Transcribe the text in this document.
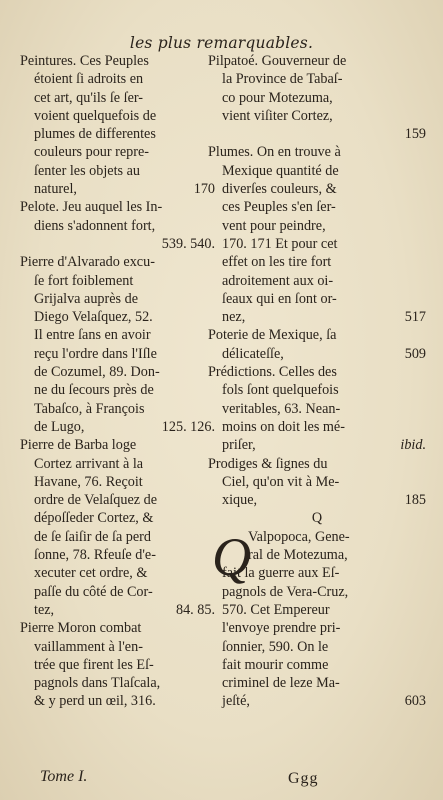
les plus remarquables.
Peintures. Ces Peuples
étoient ſi adroits en
cet art, qu'ils ſe ſer-
voient quelquefois de
plumes de differentes
couleurs pour repre-
ſenter les objets au
naturel,	170
Pelote. Jeu auquel les In-
diens s'adonnent fort,
539. 540.
Pierre d'Alvarado excu-
ſe fort foiblement
Grijalva auprès de
Diego Velaſquez, 52.
Il entre ſans en avoir
reçu l'ordre dans l'Iſle
de Cozumel, 89. Don-
ne du ſecours près de
Tabaſco, à François
de Lugo,	125. 126.
Pierre de Barba loge
Cortez arrivant à la
Havane, 76. Reçoit
ordre de Velaſquez de
dépoſſeder Cortez, &
de ſe ſaiſir de ſa perd
ſonne, 78. Rfeuſe d'e-
xecuter cet ordre, &
paſſe du côté de Cor-
tez,	84. 85.
Pierre Moron combat
vaillamment à l'en-
trée que firent les Eſ-
pagnols dans Tlaſcala,
& y perd un œil, 316.
Pilpatoé. Gouverneur de
la Province de Tabaſ-
co pour Motezuma,
vient viſiter Cortez,
159
Plumes. On en trouve à
Mexique quantité de
diverſes couleurs, &
ces Peuples s'en ſer-
vent pour peindre,
170. 171 Et pour cet
effet on les tire fort
adroitement aux oi-
ſeaux qui en ſont or-
nez,	517
Poterie de Mexique, ſa
délicateſſe,	509
Prédictions. Celles des
fols ſont quelquefois
veritables, 63. Nean-
moins on doit les mé-
priſer,	ibid.
Prodiges & ſignes du
Ciel, qu'on vit à Me-
xique,	185
Q
Q
Valpopoca, Gene-
ral de Motezuma,
fait la guerre aux Eſ-
pagnols de Vera-Cruz,
570. Cet Empereur
l'envoye prendre pri-
ſonnier, 590. On le
fait mourir comme
criminel de leze Ma-
jeſté,	603
Tome I.	Ggg
